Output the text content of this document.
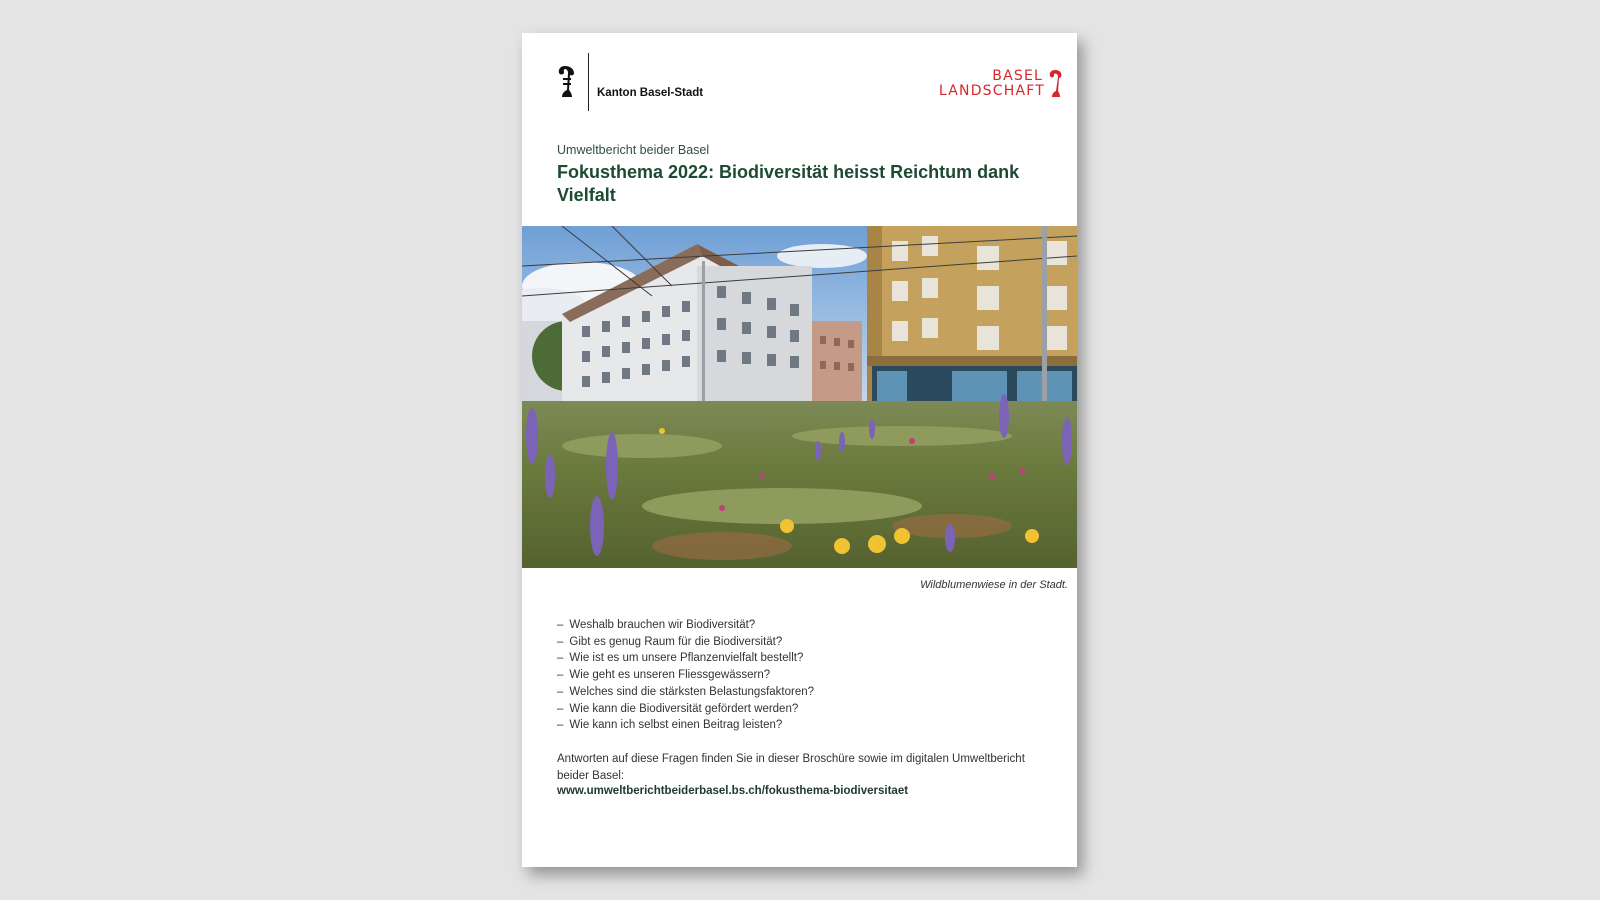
Kanton Basel-Stadt
BASEL
LANDSCHAFT
Umweltbericht beider Basel
Fokusthema 2022: Biodiversität heisst Reichtum dank Vielfalt
Wildblumenwiese in der Stadt.
– Weshalb brauchen wir Biodiversität?
– Gibt es genug Raum für die Biodiversität?
– Wie ist es um unsere Pflanzenvielfalt bestellt?
– Wie geht es unseren Fliessgewässern?
– Welches sind die stärksten Belastungsfaktoren?
– Wie kann die Biodiversität gefördert werden?
– Wie kann ich selbst einen Beitrag leisten?

Antworten auf diese Fragen finden Sie in dieser Broschüre sowie im digitalen Umweltbericht beider Basel:

www.umweltberichtbeiderbasel.bs.ch/fokusthema-biodiversitaet
